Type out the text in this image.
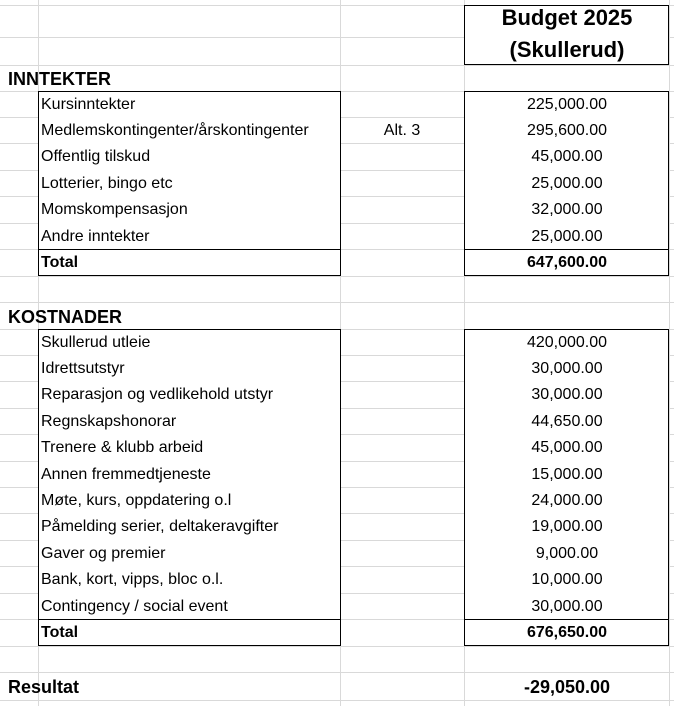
Budget 2025
(Skullerud)
INNTEKTER
Kursinntekter	225,000.00
Medlemskontingenter/årskontingenter	Alt. 3	295,600.00
Offentlig tilskud	45,000.00
Lotterier, bingo etc	25,000.00
Momskompensasjon	32,000.00
Andre inntekter	25,000.00
Total	647,600.00
KOSTNADER
Skullerud utleie	420,000.00
Idrettsutstyr	30,000.00
Reparasjon og vedlikehold utstyr	30,000.00
Regnskapshonorar	44,650.00
Trenere & klubb arbeid	45,000.00
Annen fremmedtjeneste	15,000.00
Møte, kurs, oppdatering o.l	24,000.00
Påmelding serier, deltakeravgifter	19,000.00
Gaver og premier	9,000.00
Bank, kort, vipps, bloc o.l.	10,000.00
Contingency / social event	30,000.00
Total	676,650.00
Resultat	-29,050.00
